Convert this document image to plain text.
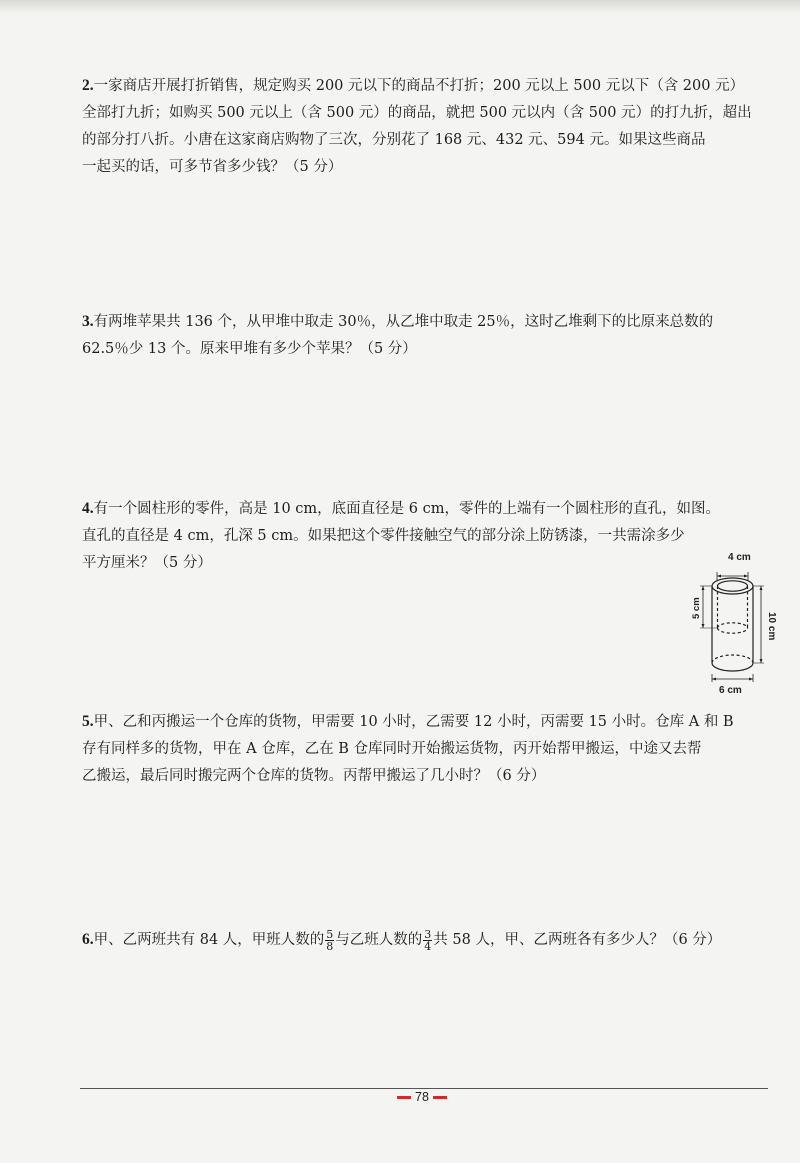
2.一家商店开展打折销售，规定购买 200 元以下的商品不打折；200 元以上 500 元以下（含 200 元）
全部打九折；如购买 500 元以上（含 500 元）的商品，就把 500 元以内（含 500 元）的打九折，超出
的部分打八折。小唐在这家商店购物了三次，分别花了 168 元、432 元、594 元。如果这些商品
一起买的话，可多节省多少钱？（5 分）
3.有两堆苹果共 136 个，从甲堆中取走 30％，从乙堆中取走 25％，这时乙堆剩下的比原来总数的
62.5％少 13 个。原来甲堆有多少个苹果？（5 分）
4.有一个圆柱形的零件，高是 10 cm，底面直径是 6 cm，零件的上端有一个圆柱形的直孔，如图。
直孔的直径是 4 cm，孔深 5 cm。如果把这个零件接触空气的部分涂上防锈漆，一共需涂多少
平方厘米？（5 分）	4 cm
5 cm
10 cm
6 cm
5.甲、乙和丙搬运一个仓库的货物，甲需要 10 小时，乙需要 12 小时，丙需要 15 小时。仓库 A 和 B
存有同样多的货物，甲在 A 仓库，乙在 B 仓库同时开始搬运货物，丙开始帮甲搬运，中途又去帮
乙搬运，最后同时搬完两个仓库的货物。丙帮甲搬运了几小时？（6 分）
6.甲、乙两班共有 84 人，甲班人数的 $\frac{5}{8}$ 与乙班人数的 $\frac{3}{4}$ 共 58 人，甲、乙两班各有多少人？（6 分）
78
